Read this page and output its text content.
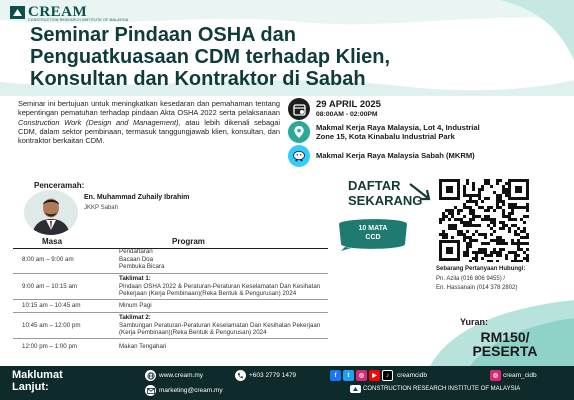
CREAM
CONSTRUCTION RESEARCH INSTITUTE OF MALAYSIA
Seminar Pindaan OSHA dan
Penguatkuasaan CDM terhadap Klien,
Konsultan dan Kontraktor di Sabah
Seminar ini bertujuan untuk meningkatkan kesedaran dan pemahaman tentang kepentingan pematuhan terhadap pindaan Akta OSHA 2022 serta pelaksanaan Construction Work (Design and Management), atau lebih dikenali sebagai CDM, dalam sektor pembinaan, termasuk tanggungjawab klien, konsultan, dan kontraktor berkaitan CDM.
29 APRIL 2025
08:00AM - 02:00PM
Makmal Kerja Raya Malaysia, Lot 4, Industrial
Zone 15, Kota Kinabalu Industrial Park
Makmal Kerja Raya Malaysia Sabah (MKRM)
Penceramah:
En. Muhammad Zuhaily Ibrahim
JKKP Sabah
DAFTAR
SEKARANG
10 MATA
CCD
Sebarang Pertanyaan Hubungi:
Pn. Azila (016 806 9455) /
En. Hassanain (014 378 2802)
Masa	Program
8:00 am – 9:00 am
Pendaftaran
Bacaan Doa
Pembuka Bicara
9:00 am – 10:15 am
Taklimat 1:
Pindaan OSHA 2022 & Peraturan-Peraturan Keselamatan Dan Kesihatan
Pekerjaan (Kerja Pembinaan)(Reka Bentuk & Pengurusan) 2024
10:15 am – 10:45 am	Minum Pagi
10:45 am – 12:00 pm
Taklimat 2:
Sambungan Peraturan-Peraturan Keselamatan Dan Kesihatan Pekerjaan
(Kerja Pembinaan)(Reka Bentuk & Pengurusan) 2024
12:00 pm – 1:00 pm	Makan Tengahari
Yuran:
RM150/
PESERTA
Maklumat
Lanjut:
www.cream.my	+603 2779 1479
marketing@cream.my
f	t	◎	▶	♪	creamcidb	◎ cream_cidb
CONSTRUCTION RESEARCH INSTITUTE OF MALAYSIA
